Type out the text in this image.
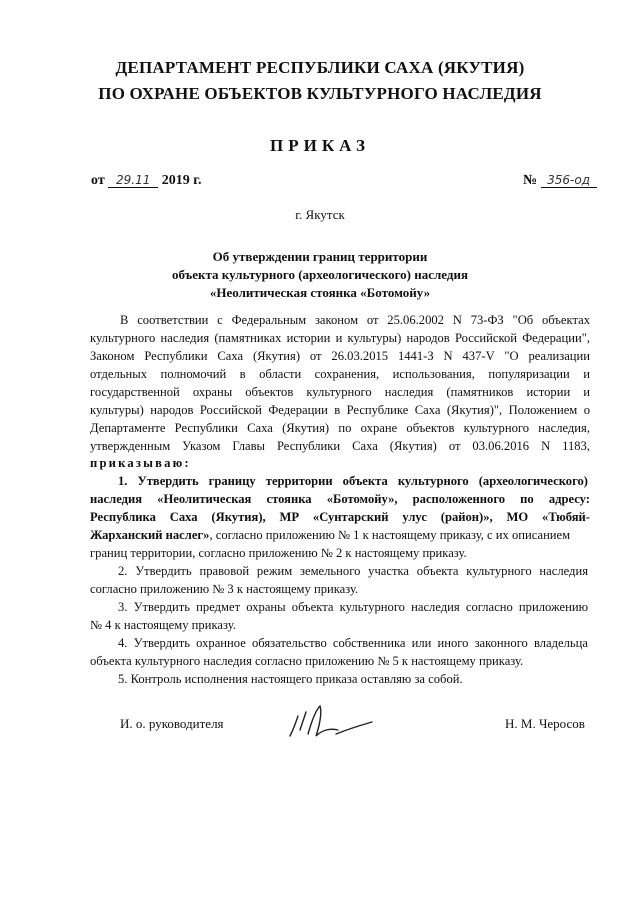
ДЕПАРТАМЕНТ РЕСПУБЛИКИ САХА (ЯКУТИЯ)
ПО ОХРАНЕ ОБЪЕКТОВ КУЛЬТУРНОГО НАСЛЕДИЯ
ПРИКАЗ
от 29.11 2019 г.	№ 356-од
г. Якутск
Об утверждении границ территории
объекта культурного (археологического) наследия
«Неолитическая стоянка «Ботомойу»
В соответствии с Федеральным законом от 25.06.2002 N 73-ФЗ "Об объектах
культурного наследия (памятниках истории и культуры) народов Российской Федерации",
Законом Республики Саха (Якутия) от 26.03.2015 1441-З N 437-V "О реализации
отдельных полномочий в области сохранения, использования, популяризации и
государственной охраны объектов культурного наследия (памятников истории и
культуры) народов Российской Федерации в Республике Саха (Якутия)", Положением о
Департаменте Республики Саха (Якутия) по охране объектов культурного наследия,
утвержденным Указом Главы Республики Саха (Якутия) от 03.06.2016 N 1183,
приказываю:
1. Утвердить границу территории объекта культурного (археологического)
наследия «Неолитическая стоянка «Ботомойу», расположенного по адресу:
Республика Саха (Якутия), МР «Сунтарский улус (район)», МО «Тюбяй-
Жарханский наслег», согласно приложению № 1 к настоящему приказу, с их описанием
границ территории, согласно приложению № 2 к настоящему приказу.
2. Утвердить правовой режим земельного участка объекта культурного наследия
согласно приложению № 3 к настоящему приказу.
3. Утвердить предмет охраны объекта культурного наследия согласно приложению
№ 4 к настоящему приказу.
4. Утвердить охранное обязательство собственника или иного законного владельца
объекта культурного наследия согласно приложению № 5 к настоящему приказу.
5. Контроль исполнения настоящего приказа оставляю за собой.
И. о. руководителя	Н. М. Черосов
